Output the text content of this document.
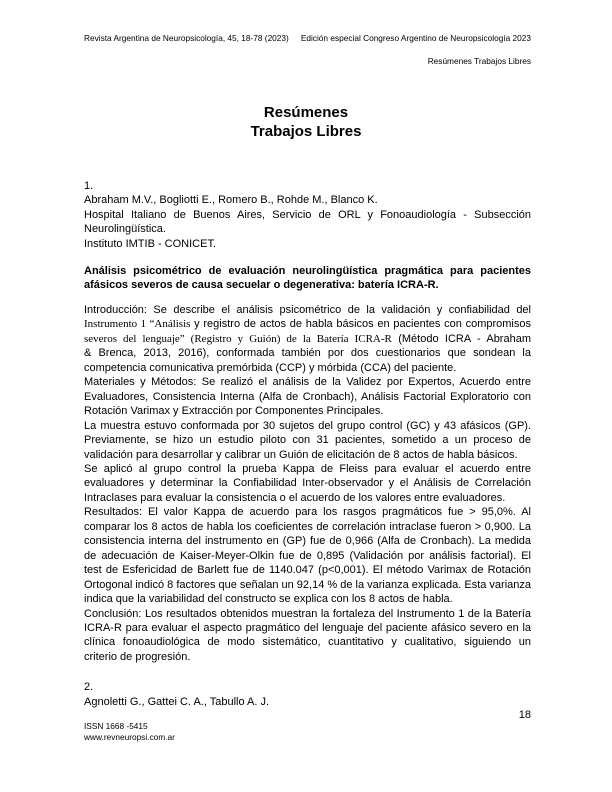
Revista Argentina de Neuropsicología, 45, 18-78 (2023) Edición especial Congreso Argentino de Neuropsicología 2023
Resúmenes Trabajos Libres
Resúmenes
Trabajos Libres
1.
Abraham M.V., Bogliotti E., Romero B., Rohde M., Blanco K.
Hospital Italiano de Buenos Aires, Servicio de ORL y Fonoaudiología - Subsección
Neurolingüística.
Instituto IMTIB - CONICET.
Análisis psicométrico de evaluación neurolingüística pragmática para pacientes
afásicos severos de causa secuelar o degenerativa: batería ICRA-R.
Introducción: Se describe el análisis psicométrico de la validación y confiabilidad del
Instrumento 1 “Análisis y registro de actos de habla básicos en pacientes con compromisos
severos del lenguaje” (Registro y Guión) de la Batería ICRA-R (Método ICRA - Abraham
& Brenca, 2013, 2016), conformada también por dos cuestionarios que sondean la
competencia comunicativa premórbida (CCP) y mórbida (CCA) del paciente.
Materiales y Métodos: Se realizó el análisis de la Validez por Expertos, Acuerdo entre
Evaluadores, Consistencia Interna (Alfa de Cronbach), Análisis Factorial Exploratorio con
Rotación Varimax y Extracción por Componentes Principales.
La muestra estuvo conformada por 30 sujetos del grupo control (GC) y 43 afásicos (GP).
Previamente, se hizo un estudio piloto con 31 pacientes, sometido a un proceso de
validación para desarrollar y calibrar un Guión de elicitación de 8 actos de habla básicos.
Se aplicó al grupo control la prueba Kappa de Fleiss para evaluar el acuerdo entre
evaluadores y determinar la Confiabilidad Inter-observador y el Análisis de Correlación
Intraclases para evaluar la consistencia o el acuerdo de los valores entre evaluadores.
Resultados: El valor Kappa de acuerdo para los rasgos pragmáticos fue > 95,0%. Al
comparar los 8 actos de habla los coeficientes de correlación intraclase fueron > 0,900. La
consistencia interna del instrumento en (GP) fue de 0,966 (Alfa de Cronbach). La medida
de adecuación de Kaiser-Meyer-Olkin fue de 0,895 (Validación por análisis factorial). El
test de Esfericidad de Barlett fue de 1140.047 (p<0,001). El método Varimax de Rotación
Ortogonal indicó 8 factores que señalan un 92,14 % de la varianza explicada. Esta varianza
indica que la variabilidad del constructo se explica con los 8 actos de habla.
Conclusión: Los resultados obtenidos muestran la fortaleza del Instrumento 1 de la Batería
ICRA-R para evaluar el aspecto pragmático del lenguaje del paciente afásico severo en la
clínica fonoaudiológica de modo sistemático, cuantitativo y cualitativo, siguiendo un
criterio de progresión.
2.
Agnoletti G., Gattei C. A., Tabullo A. J.
18
ISSN 1668 -5415
www.revneuropsi.com.ar
